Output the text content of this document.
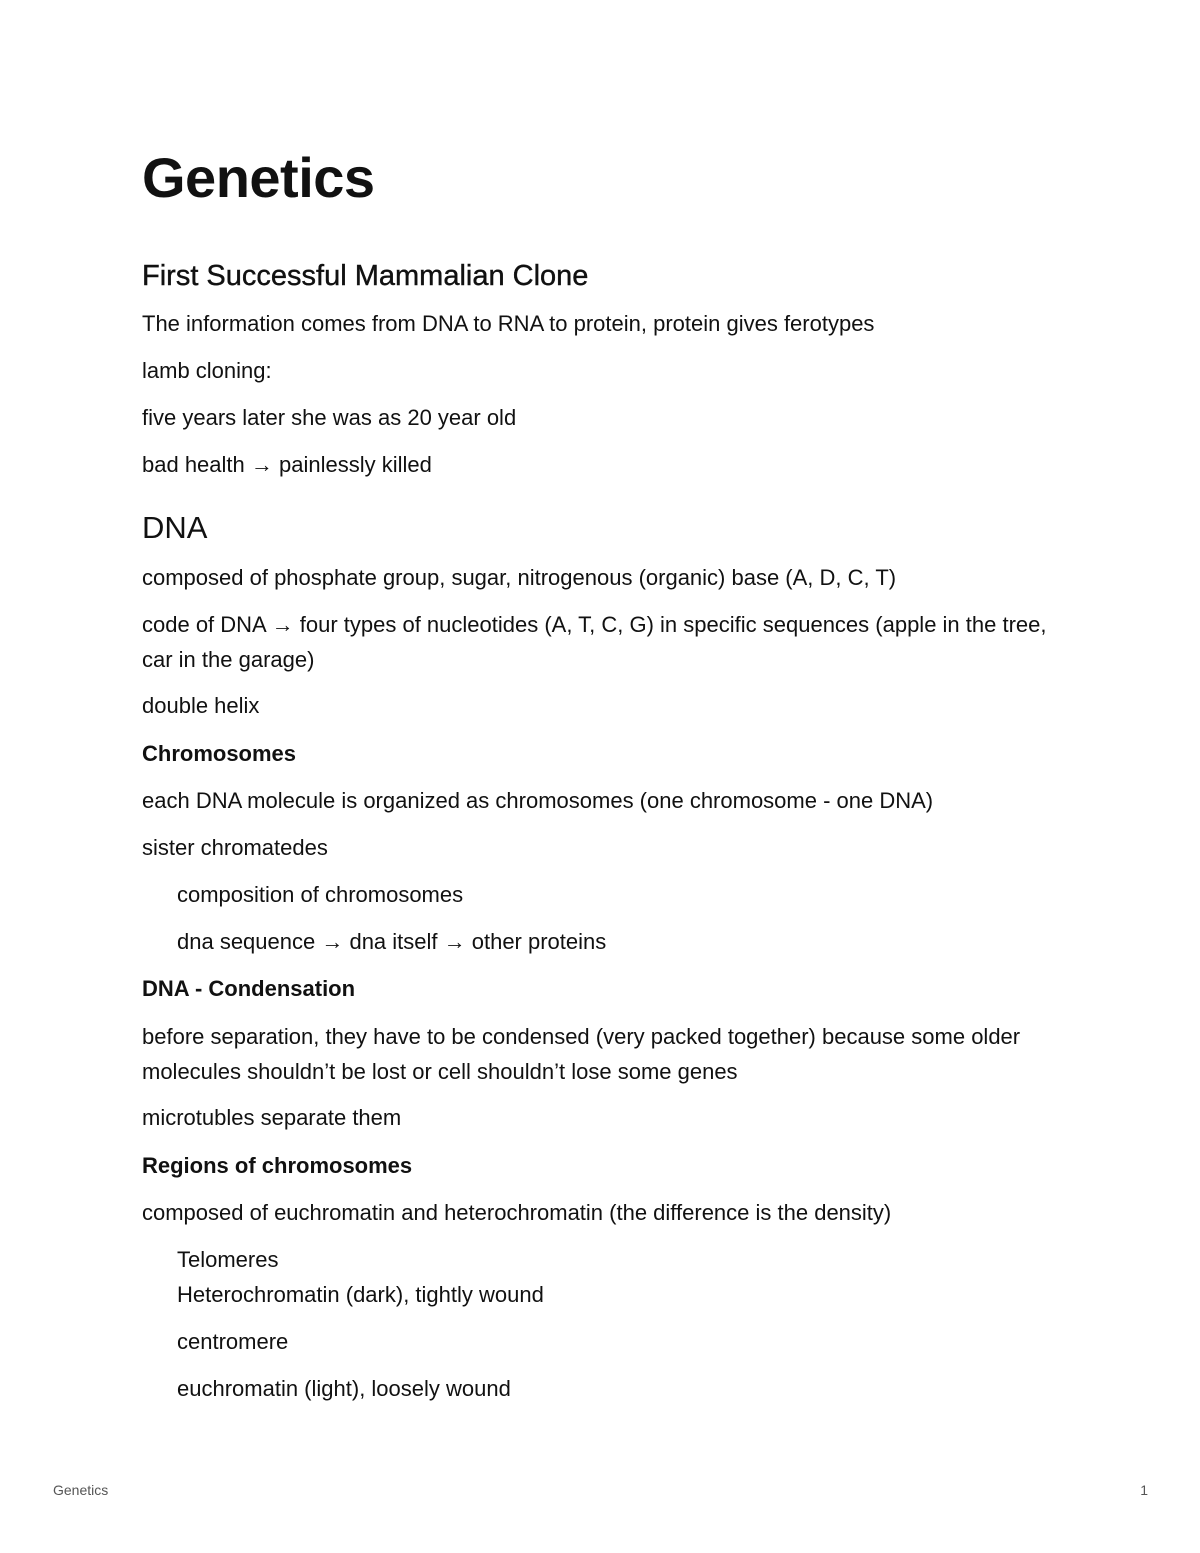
Genetics
First Successful Mammalian Clone
The information comes from DNA to RNA to protein, protein gives ferotypes
lamb cloning:
five years later she was as 20 year old
bad health → painlessly killed
DNA
composed of phosphate group, sugar, nitrogenous (organic) base (A, D, C, T)
code of DNA → four types of nucleotides (A, T, C, G) in specific sequences (apple in the tree, car in the garage)
double helix
Chromosomes
each DNA molecule is organized as chromosomes (one chromosome - one DNA)
sister chromatedes
composition of chromosomes
dna sequence → dna itself → other proteins
DNA - Condensation
before separation, they have to be condensed (very packed together) because some older molecules shouldn’t be lost or cell shouldn’t lose some genes
microtubles separate them
Regions of chromosomes
composed of euchromatin and heterochromatin (the difference is the density)
Telomeres
Heterochromatin (dark), tightly wound
centromere
euchromatin (light), loosely wound
Genetics	1
